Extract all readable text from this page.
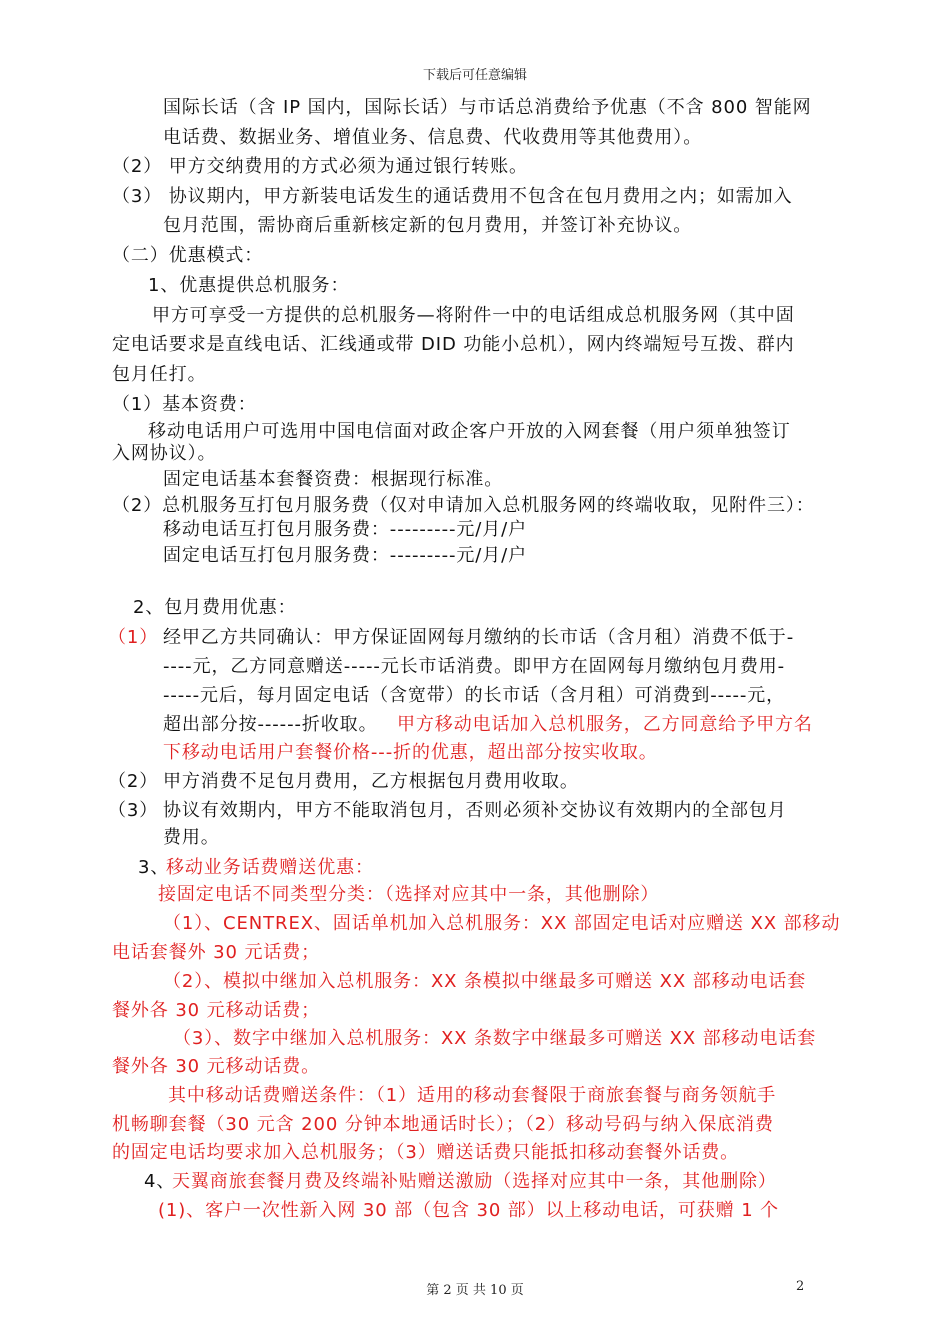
下载后可任意编辑
国际长话（含 IP 国内，国际长话）与市话总消费给予优惠（不含 800 智能网
电话费、数据业务、增值业务、信息费、代收费用等其他费用）。
（2） 甲方交纳费用的方式必须为通过银行转账。
（3） 协议期内，甲方新装电话发生的通话费用不包含在包月费用之内；如需加入
包月范围，需协商后重新核定新的包月费用，并签订补充协议。
（二）优惠模式：
1、优惠提供总机服务：
甲方可享受一方提供的总机服务—将附件一中的电话组成总机服务网（其中固
定电话要求是直线电话、汇线通或带 DID 功能小总机），网内终端短号互拨、群内
包月任打。
（1）基本资费：
移动电话用户可选用中国电信面对政企客户开放的入网套餐（用户须单独签订
入网协议）。
固定电话基本套餐资费：根据现行标准。
（2）总机服务互打包月服务费（仅对申请加入总机服务网的终端收取，见附件三）：
移动电话互打包月服务费：---------元/月/户
固定电话互打包月服务费：---------元/月/户
2、包月费用优惠：
（1） 经甲乙方共同确认：甲方保证固网每月缴纳的长市话（含月租）消费不低于-
----元，乙方同意赠送-----元长市话消费。即甲方在固网每月缴纳包月费用-
-----元后，每月固定电话（含宽带）的长市话（含月租）可消费到-----元，
超出部分按------折收取。 甲方移动电话加入总机服务，乙方同意给予甲方名
下移动电话用户套餐价格---折的优惠，超出部分按实收取。
（2） 甲方消费不足包月费用，乙方根据包月费用收取。
（3） 协议有效期内，甲方不能取消包月，否则必须补交协议有效期内的全部包月
费用。
3、
移动业务话费赠送优惠：
接固定电话不同类型分类：（选择对应其中一条，其他删除）
（1）、CENTREX、固话单机加入总机服务：XX 部固定电话对应赠送 XX 部移动
电话套餐外 30 元话费；
（2）、模拟中继加入总机服务：XX 条模拟中继最多可赠送 XX 部移动电话套
餐外各 30 元移动话费；
（3）、数字中继加入总机服务：XX 条数字中继最多可赠送 XX 部移动电话套
餐外各 30 元移动话费。
其中移动话费赠送条件：（1）适用的移动套餐限于商旅套餐与商务领航手
机畅聊套餐（30 元含 200 分钟本地通话时长）；（2）移动号码与纳入保底消费
的固定电话均要求加入总机服务；（3）赠送话费只能抵扣移动套餐外话费。
4、
天翼商旅套餐月费及终端补贴赠送激励（选择对应其中一条，其他删除）
(1)、客户一次性新入网 30 部（包含 30 部）以上移动电话，可获赠 1 个
第 2 页 共 10 页	2
